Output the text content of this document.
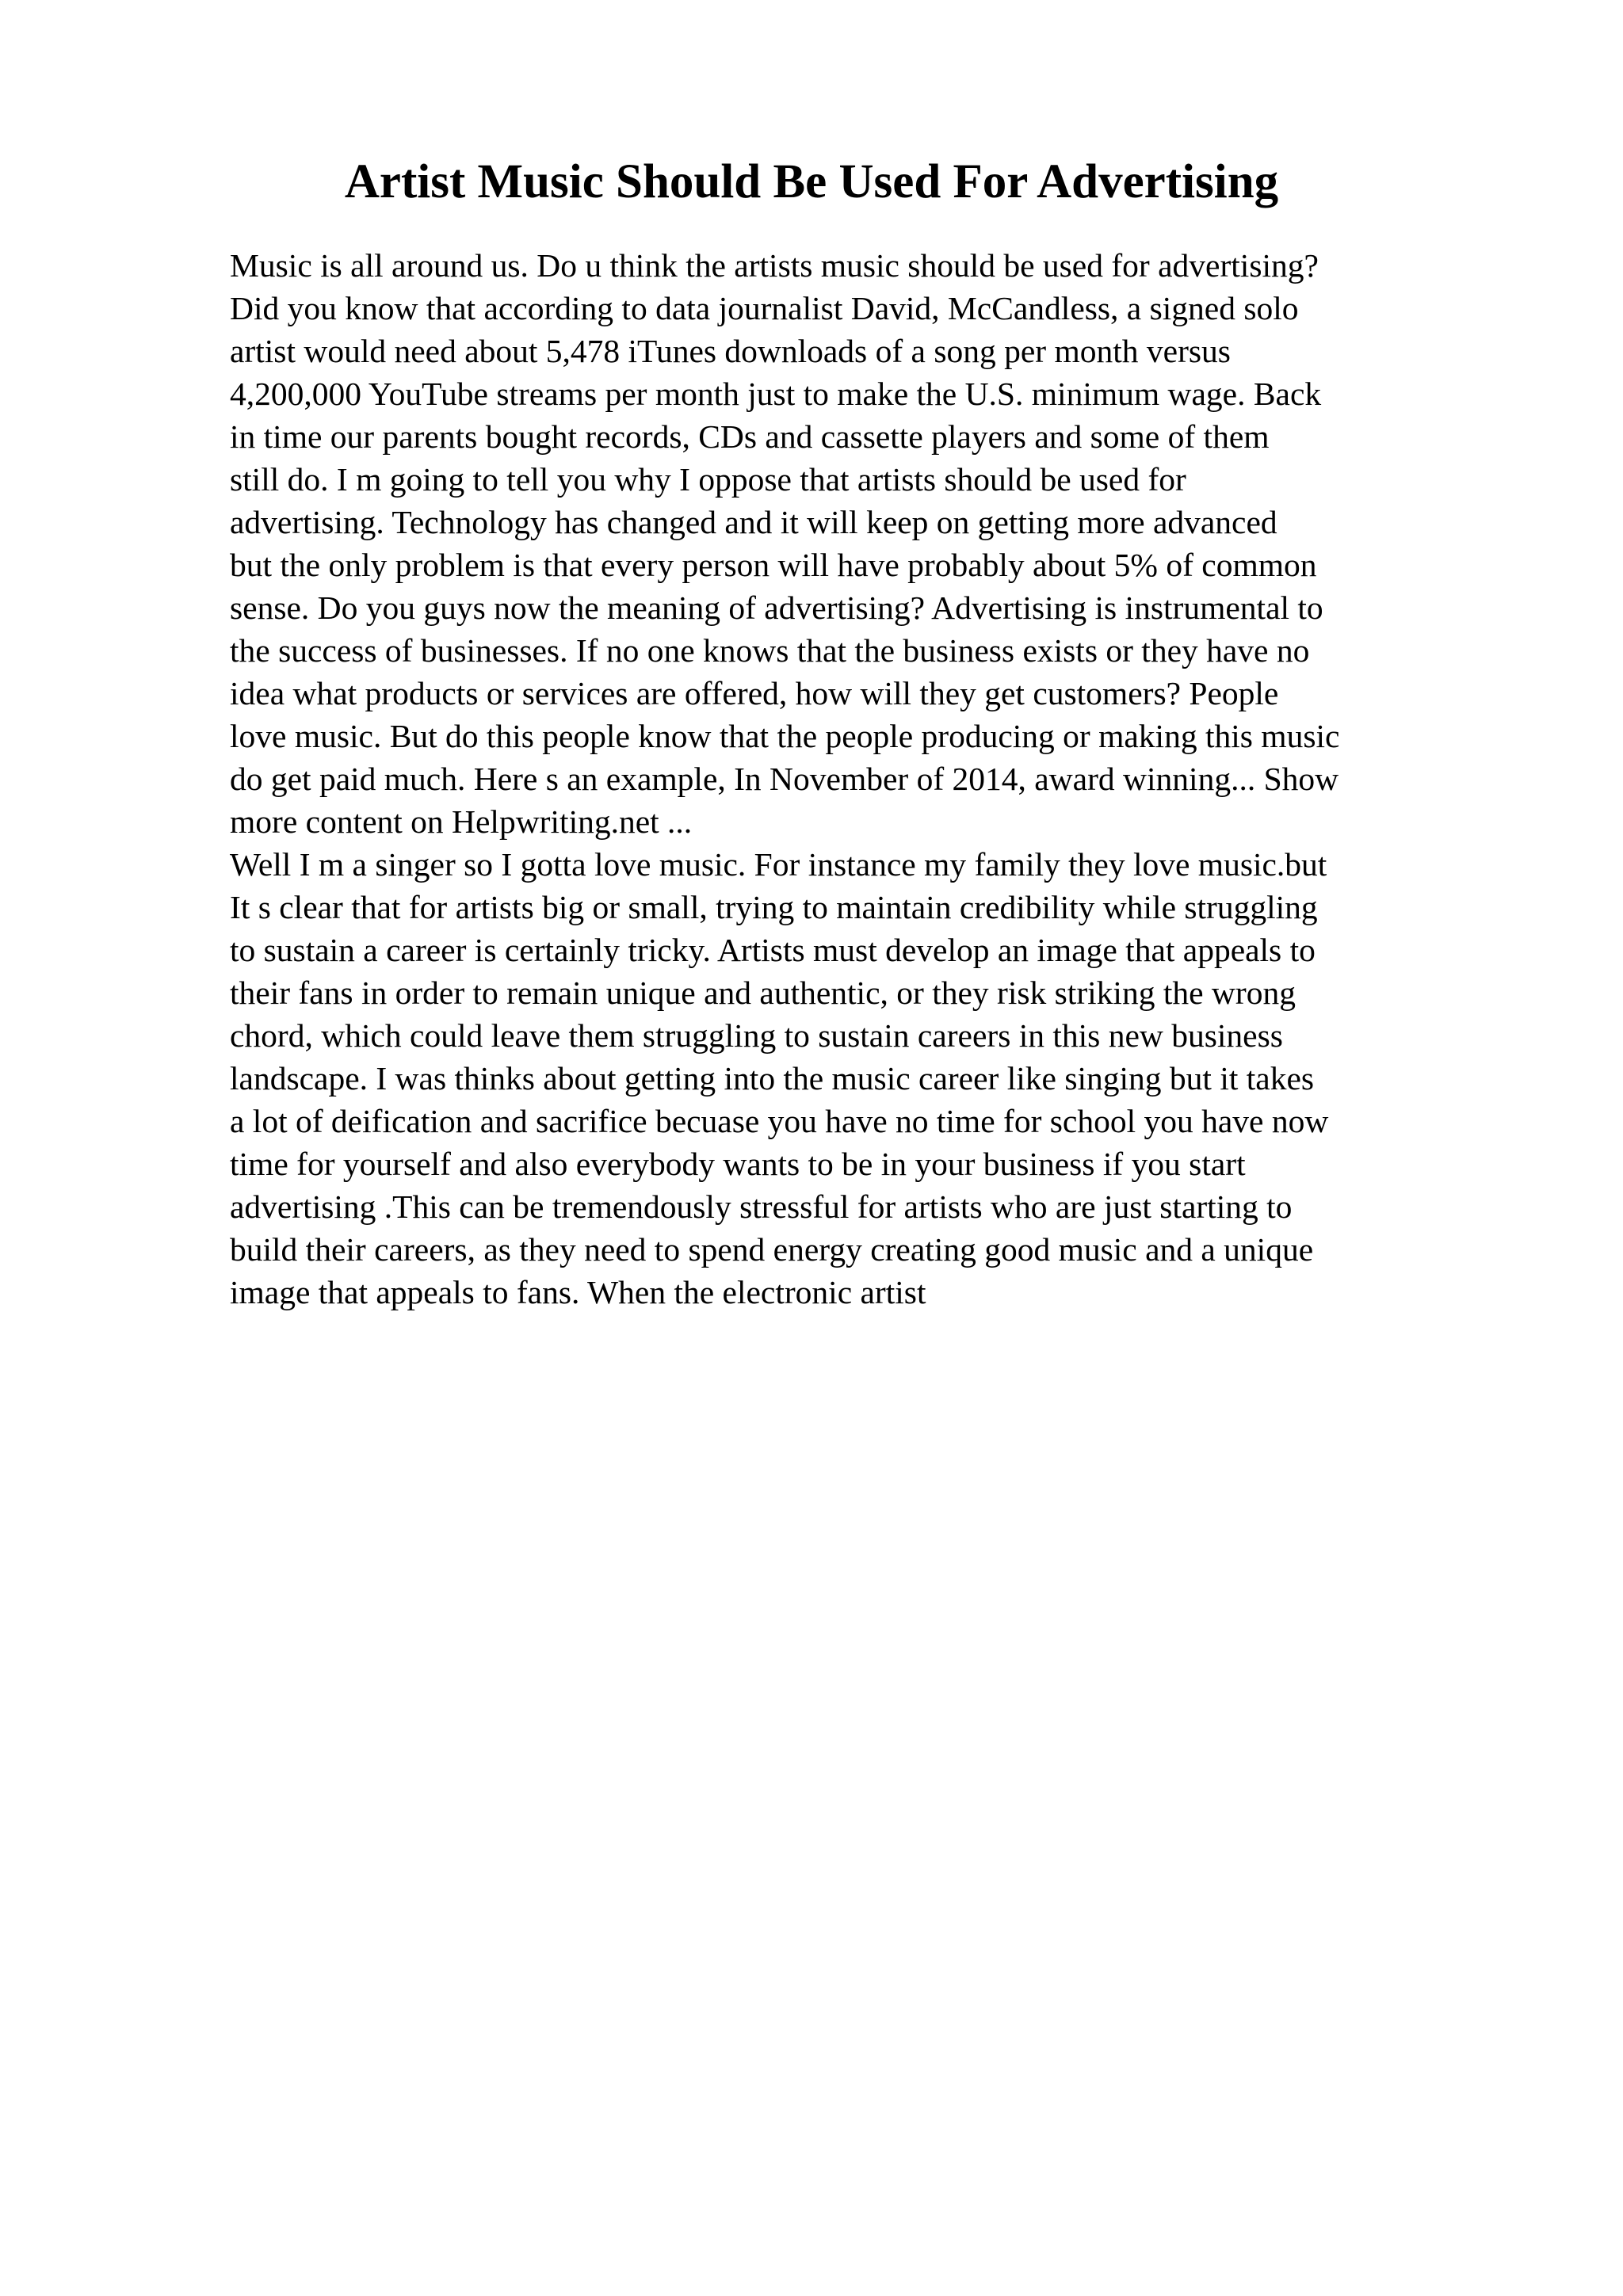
Artist Music Should Be Used For Advertising
Music is all around us. Do u think the artists music should be used for advertising?
Did you know that according to data journalist David, McCandless, a signed solo
artist would need about 5,478 iTunes downloads of a song per month versus
4,200,000 YouTube streams per month just to make the U.S. minimum wage. Back
in time our parents bought records, CDs and cassette players and some of them
still do. I m going to tell you why I oppose that artists should be used for
advertising. Technology has changed and it will keep on getting more advanced
but the only problem is that every person will have probably about 5% of common
sense. Do you guys now the meaning of advertising? Advertising is instrumental to
the success of businesses. If no one knows that the business exists or they have no
idea what products or services are offered, how will they get customers? People
love music. But do this people know that the people producing or making this music
do get paid much. Here s an example, In November of 2014, award winning... Show
more content on Helpwriting.net ...
Well I m a singer so I gotta love music. For instance my family they love music.but
It s clear that for artists big or small, trying to maintain credibility while struggling
to sustain a career is certainly tricky. Artists must develop an image that appeals to
their fans in order to remain unique and authentic, or they risk striking the wrong
chord, which could leave them struggling to sustain careers in this new business
landscape. I was thinks about getting into the music career like singing but it takes
a lot of deification and sacrifice becuase you have no time for school you have now
time for yourself and also everybody wants to be in your business if you start
advertising .This can be tremendously stressful for artists who are just starting to
build their careers, as they need to spend energy creating good music and a unique
image that appeals to fans. When the electronic artist
